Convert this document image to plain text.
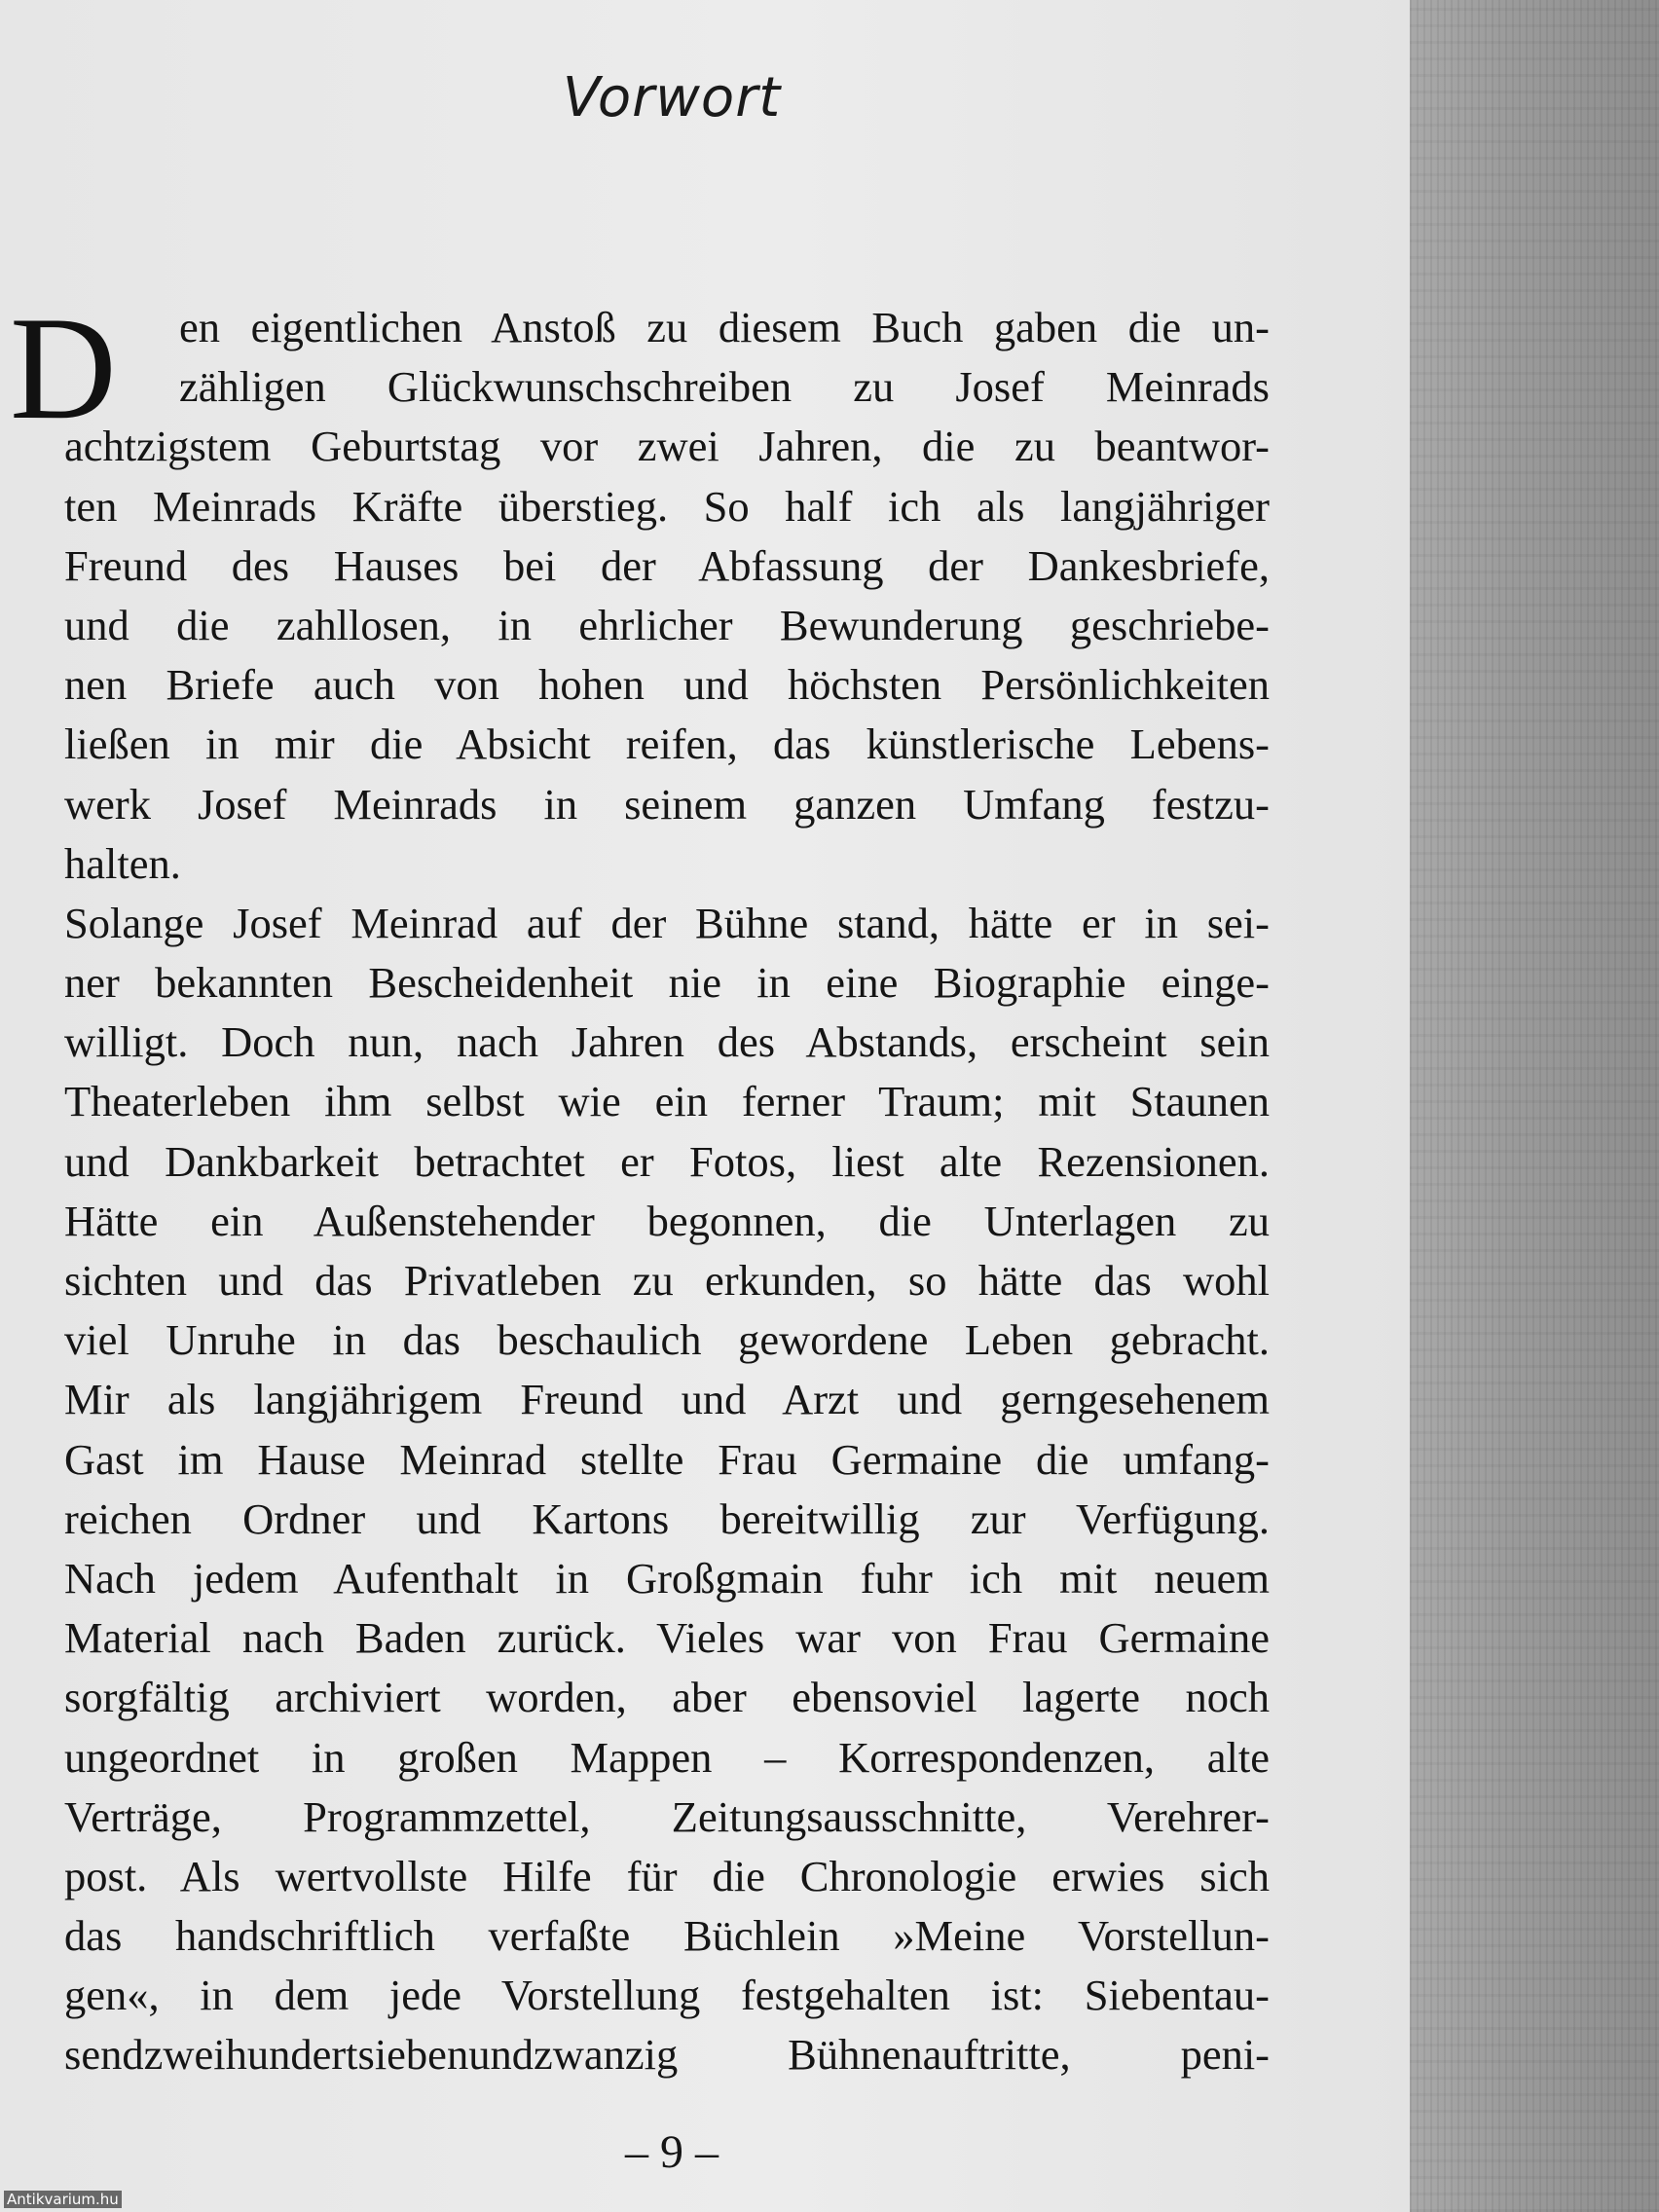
Vorwort
D	en eigentlichen Anstoß zu diesem Buch gaben die un-
zähligen Glückwunschschreiben zu Josef Meinrads
achtzigstem Geburtstag vor zwei Jahren, die zu beantwor-
ten Meinrads Kräfte überstieg. So half ich als langjähriger
Freund des Hauses bei der Abfassung der Dankesbriefe,
und die zahllosen, in ehrlicher Bewunderung geschriebe-
nen Briefe auch von hohen und höchsten Persönlichkeiten
ließen in mir die Absicht reifen, das künstlerische Lebens-
werk Josef Meinrads in seinem ganzen Umfang festzu-
halten.
Solange Josef Meinrad auf der Bühne stand, hätte er in sei-
ner bekannten Bescheidenheit nie in eine Biographie einge-
willigt. Doch nun, nach Jahren des Abstands, erscheint sein
Theaterleben ihm selbst wie ein ferner Traum; mit Staunen
und Dankbarkeit betrachtet er Fotos, liest alte Rezensionen.
Hätte ein Außenstehender begonnen, die Unterlagen zu
sichten und das Privatleben zu erkunden, so hätte das wohl
viel Unruhe in das beschaulich gewordene Leben gebracht.
Mir als langjährigem Freund und Arzt und gerngesehenem
Gast im Hause Meinrad stellte Frau Germaine die umfang-
reichen Ordner und Kartons bereitwillig zur Verfügung.
Nach jedem Aufenthalt in Großgmain fuhr ich mit neuem
Material nach Baden zurück. Vieles war von Frau Germaine
sorgfältig archiviert worden, aber ebensoviel lagerte noch
ungeordnet in großen Mappen – Korrespondenzen, alte
Verträge, Programmzettel, Zeitungsausschnitte, Verehrer-
post. Als wertvollste Hilfe für die Chronologie erwies sich
das handschriftlich verfaßte Büchlein »Meine Vorstellun-
gen«, in dem jede Vorstellung festgehalten ist: Siebentau-
sendzweihundertsiebenundzwanzig Bühnenauftritte, peni-
– 9 –
Antikvarium.hu
